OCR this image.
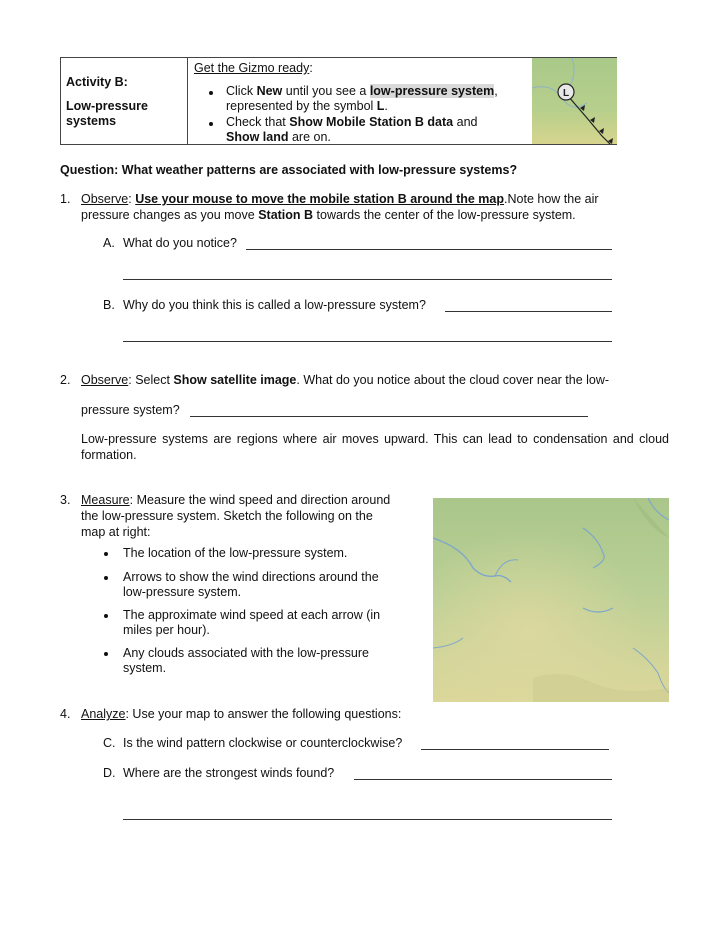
Activity B:
Low-pressure systems
Get the Gizmo ready:
Click New until you see a low-pressure system,
represented by the symbol L.
Check that Show Mobile Station B data and
Show land are on.
L
Question: What weather patterns are associated with low-pressure systems?
1. Observe: Use your mouse to move the mobile station B around the map.Note how the air
pressure changes as you move Station B towards the center of the low-pressure system.
A. What do you notice?
B. Why do you think this is called a low-pressure system?
2. Observe: Select Show satellite image. What do you notice about the cloud cover near the low-
pressure system?
Low-pressure systems are regions where air moves upward. This can lead to condensation and cloud formation.
3. Measure: Measure the wind speed and direction around
the low-pressure system. Sketch the following on the
map at right:
The location of the low-pressure system.
Arrows to show the wind directions around the
low-pressure system.
The approximate wind speed at each arrow (in
miles per hour).
Any clouds associated with the low-pressure
system.
4. Analyze: Use your map to answer the following questions:
C. Is the wind pattern clockwise or counterclockwise?
D. Where are the strongest winds found?
